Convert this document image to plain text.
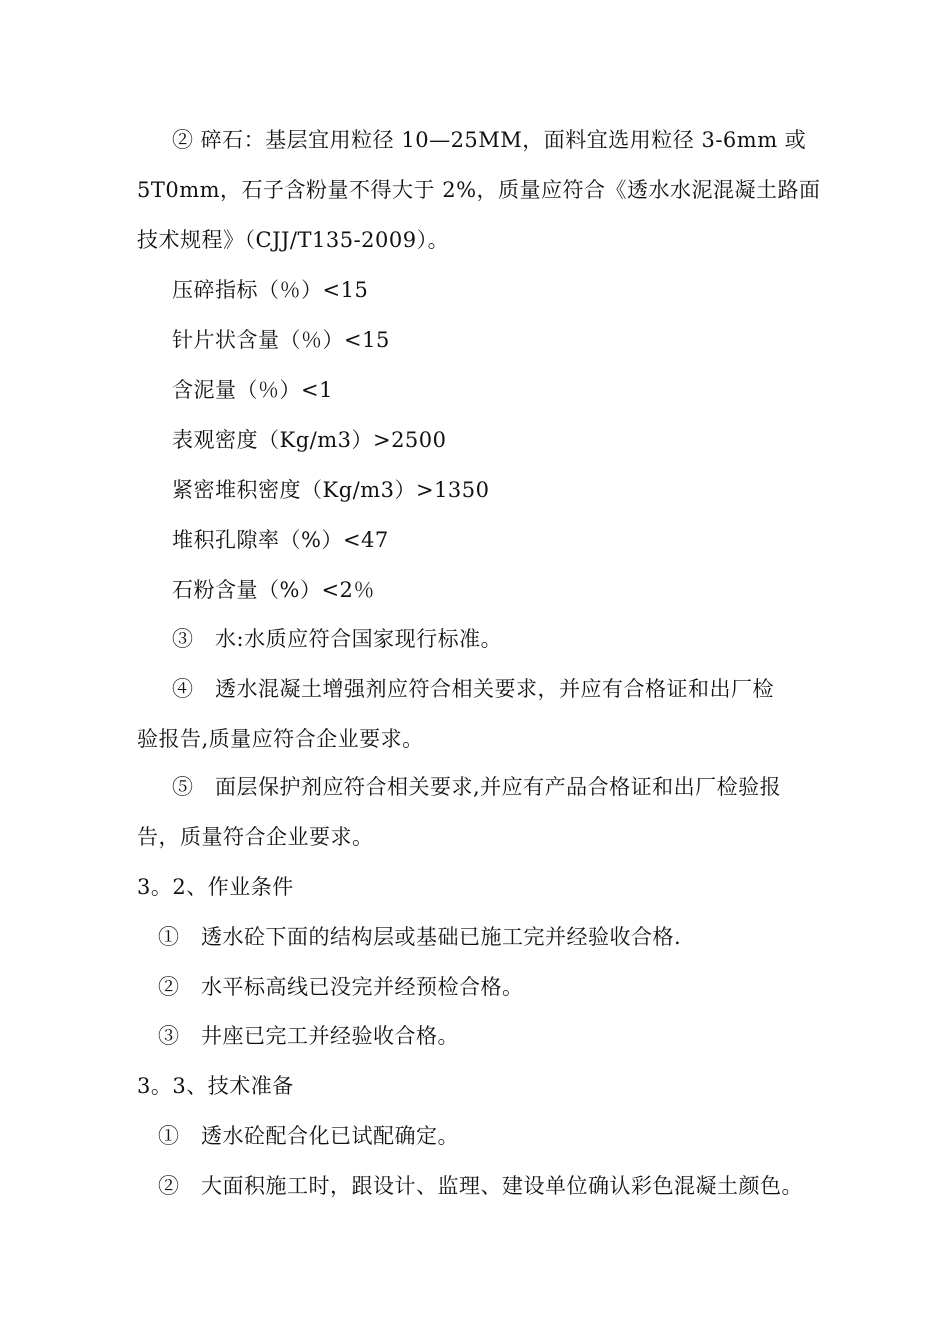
② 碎石：基层宜用粒径 10—25MM，面料宜选用粒径 3-6mm 或
5T0mm，石子含粉量不得大于 2%，质量应符合《透水水泥混凝土路面
技术规程》（CJJ/T135-2009）。
压碎指标（％）<15
针片状含量（％）<15
含泥量（％）<1
表观密度（Kg/m3）>2500
紧密堆积密度（Kg/m3）>1350
堆积孔隙率（%）<47
石粉含量（%）<2％
③　水:水质应符合国家现行标准。
④　透水混凝土增强剂应符合相关要求，并应有合格证和出厂检
验报告,质量应符合企业要求。
⑤　面层保护剂应符合相关要求,并应有产品合格证和出厂检验报
告，质量符合企业要求。
3。2、作业条件
①　透水砼下面的结构层或基础已施工完并经验收合格.
②　水平标高线已没完并经预检合格。
③　井座已完工并经验收合格。
3。3、技术准备
①　透水砼配合化已试配确定。
②　大面积施工时，跟设计、监理、建设单位确认彩色混凝土颜色。
